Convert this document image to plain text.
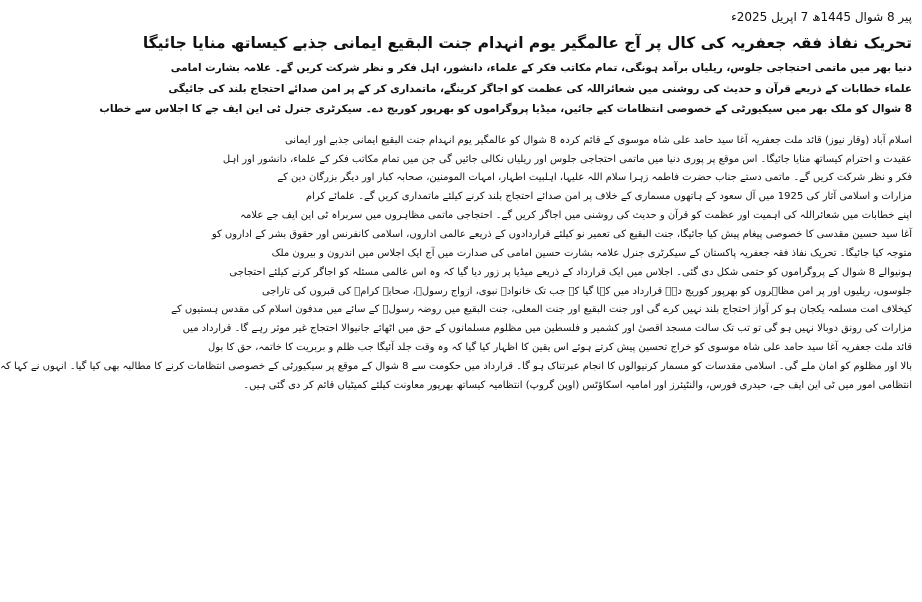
پیر 8 شوال 1445ھ 7 اپریل 2025ء
تحریک نفاذ فقہ جعفریہ کی کال پر آج عالمگیر یوم انہدام جنت البقیع ایمانی جذبے کیساتھ منایا جائیگا

دنیا بھر میں ماتمی احتجاجی جلوس، ریلیاں برآمد ہونگی، تمام مکاتب فکر کے علماء، دانشور، اہل فکر و نظر شرکت کریں گے۔ علامہ بشارت امامی

علماء خطابات کے ذریعے قرآن و حدیث کی روشنی میں شعائراللہ کی عظمت کو اجاگر کرینگے، ماتمداری کر کے پر امن صدائے احتجاج بلند کی جائیگی

8 شوال کو ملک بھر میں سیکیورٹی کے خصوصی انتظامات کیے جائیں، میڈیا پروگراموں کو بھرپور کوریج دے۔ سیکرٹری جنرل ٹی این ایف جے کا اجلاس سے خطاب

اسلام آباد (وقار نیوز) قائد ملت جعفریہ آغا سید حامد علی شاہ موسوی کے قائم کردہ 8 شوال کو عالمگیر یوم انہدام جنت البقیع ایمانی جذبے اور ایمانی

عقیدت و احترام کیساتھ منایا جائیگا۔ اس موقع پر پوری دنیا میں ماتمی احتجاجی جلوس اور ریلیاں نکالی جائیں گی جن میں تمام مکاتب فکر کے علماء، دانشور اور اہل

فکر و نظر شرکت کریں گے۔ ماتمی دستے جناب حضرت فاطمہ زہرا سلام اللہ علیہا، اہلبیت اطہار، امہات المومنین، صحابہ کبار اور دیگر بزرگان دین کے

مزارات و اسلامی آثار کی 1925 میں آل سعود کے ہاتھوں مسماری کے خلاف پر امن صدائے احتجاج بلند کرنے کیلئے ماتمداری کریں گے۔ علمائے کرام

اپنے خطابات میں شعائراللہ کی اہمیت اور عظمت کو قرآن و حدیث کی روشنی میں اجاگر کریں گے۔ احتجاجی ماتمی مظاہروں میں سربراہ ٹی این ایف جے علامہ

آغا سید حسین مقدسی کا خصوصی پیغام پیش کیا جائیگا، جنت البقیع کی تعمیر نو کیلئے قراردادوں کے ذریعے عالمی اداروں، اسلامی کانفرنس اور حقوق بشر کے اداروں کو

متوجہ کیا جائیگا۔ تحریک نفاذ فقہ جعفریہ پاکستان کے سیکرٹری جنرل علامہ بشارت حسین امامی کی صدارت میں آج ایک اجلاس میں اندرون و بیرون ملک

ہونیوالے 8 شوال کے پروگراموں کو حتمی شکل دی گئی۔ اجلاس میں ایک قرارداد کے ذریعے میڈیا پر زور دیا گیا کہ وہ اس عالمی مسئلہ کو اجاگر کرنے کیلئے احتجاجی

جلوسوں، ریلیوں اور پر امن مظاہروں کو بھرپور کوریج دے۔ قرارداد میں کہا گیا کہ جب تک خانوادہ نبوی، ازواج رسولؐ، صحابہ کرامؓ کی قبروں کی تاراجی

کیخلاف امت مسلمہ یکجان ہو کر آواز احتجاج بلند نہیں کرے گی اور جنت البقیع اور جنت المعلی، جنت البقیع میں روضہ رسولؐ کے سائے میں مدفون اسلام کی مقدس ہستیوں کے

مزارات کی رونق دوبالا نہیں ہو گی تو تب تک سالت مسجد اقصیٰ اور کشمیر و فلسطین میں مظلوم مسلمانوں کے حق میں اٹھائے جانیوالا احتجاج غیر موثر رہے گا۔ قرارداد میں

قائد ملت جعفریہ آغا سید حامد علی شاہ موسوی کو خراج تحسین پیش کرتے ہوئے اس یقین کا اظہار کیا گیا کہ وہ وقت جلد آئیگا جب ظلم و بربریت کا خاتمہ، حق کا بول

بالا اور مظلوم کو امان ملے گی۔ اسلامی مقدسات کو مسمار کرنیوالوں کا انجام عبرتناک ہو گا۔ قرارداد میں حکومت سے 8 شوال کے موقع پر سیکیورٹی کے خصوصی انتظامات کرنے کا مطالبہ بھی کیا گیا۔ انہوں نے کہا کہ

انتظامی امور میں ٹی این ایف جے، حیدری فورس، والنٹیئرز اور امامیہ اسکاؤٹس (اوپن گروپ) انتظامیہ کیساتھ بھرپور معاونت کیلئے کمیٹیاں قائم کر دی گئی ہیں۔
